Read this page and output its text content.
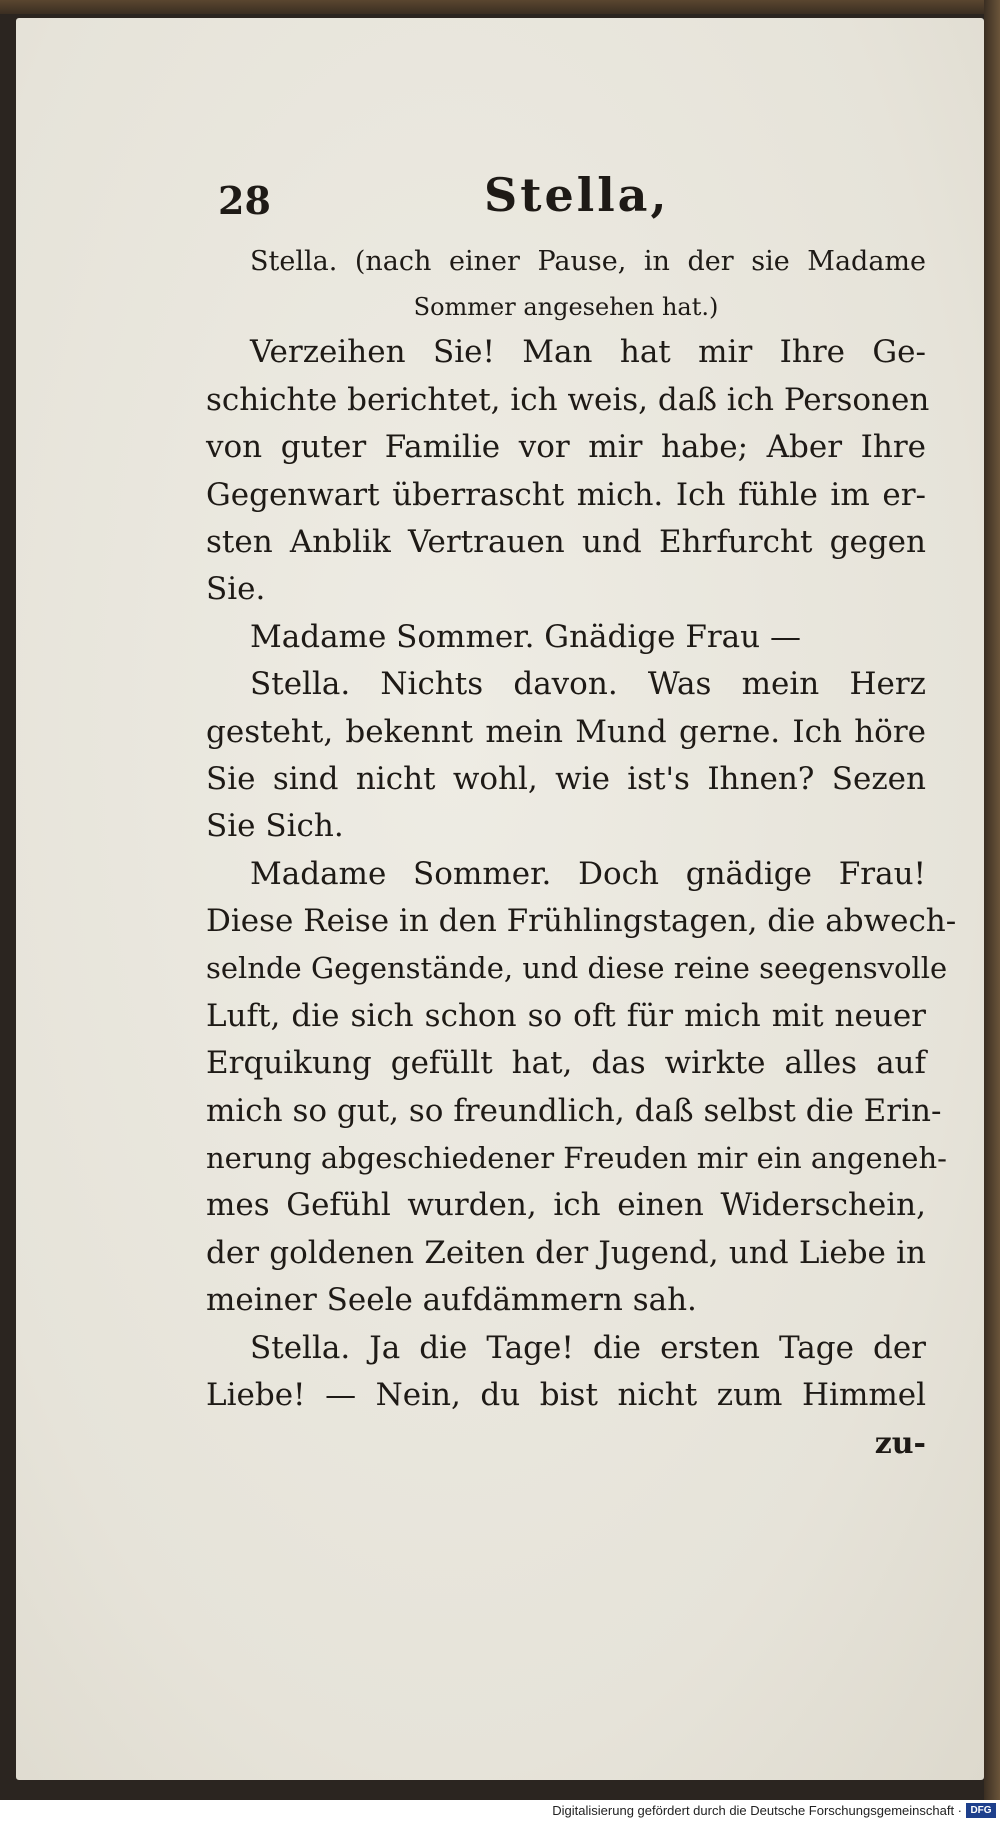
28	Stella,
Stella. (nach einer Pause, in der sie Madame
Sommer angesehen hat.)
Verzeihen Sie! Man hat mir Ihre Ge-
schichte berichtet, ich weis, daß ich Personen
von guter Familie vor mir habe; Aber Ihre
Gegenwart überrascht mich. Ich fühle im er-
sten Anblik Vertrauen und Ehrfurcht gegen
Sie.
Madame Sommer. Gnädige Frau —
Stella. Nichts davon. Was mein Herz
gesteht, bekennt mein Mund gerne. Ich höre
Sie sind nicht wohl, wie ist's Ihnen? Sezen
Sie Sich.
Madame Sommer. Doch gnädige Frau!
Diese Reise in den Frühlingstagen, die abwech-
selnde Gegenstände, und diese reine seegensvolle
Luft, die sich schon so oft für mich mit neuer
Erquikung gefüllt hat, das wirkte alles auf
mich so gut, so freundlich, daß selbst die Erin-
nerung abgeschiedener Freuden mir ein angeneh-
mes Gefühl wurden, ich einen Widerschein,
der goldenen Zeiten der Jugend, und Liebe in
meiner Seele aufdämmern sah.
Stella. Ja die Tage! die ersten Tage der
Liebe! — Nein, du bist nicht zum Himmel
zu-
Digitalisierung gefördert durch die Deutsche Forschungsgemeinschaft · DFG
